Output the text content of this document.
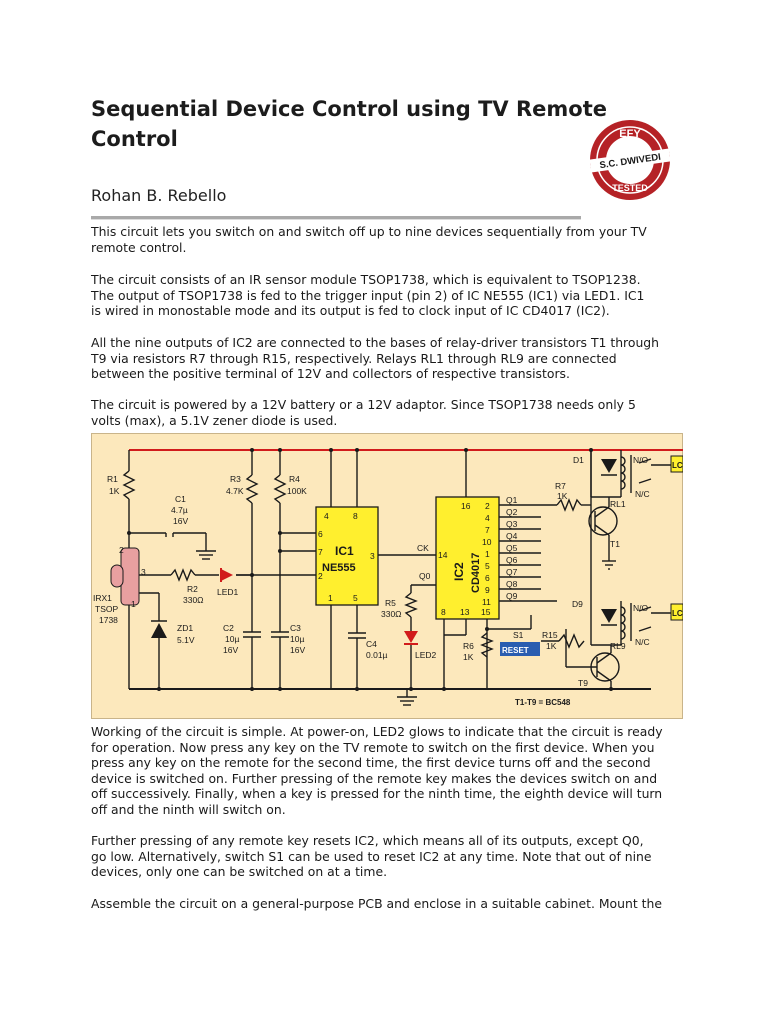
Sequential Device Control using TV Remote Control	EFY
S.C. DWIVEDI
TESTED
Rohan B. Rebello

This circuit lets you switch on and switch off up to nine devices sequentially from your TV
remote control.

The circuit consists of an IR sensor module TSOP1738, which is equivalent to TSOP1238.
The output of TSOP1738 is fed to the trigger input (pin 2) of IC NE555 (IC1) via LED1. IC1
is wired in monostable mode and its output is fed to clock input of IC CD4017 (IC2).

All the nine outputs of IC2 are connected to the bases of relay-driver transistors T1 through
T9 via resistors R7 through R15, respectively. Relays RL1 through RL9 are connected
between the positive terminal of 12V and collectors of respective transistors.

The circuit is powered by a 12V battery or a 12V adaptor. Since TSOP1738 needs only 5
volts (max), a 5.1V zener diode is used.

R1
1K
C1
4.7µ
16V
2
3
1
IRX1
TSOP
1738
R2
330Ω
LED1
ZD1
5.1V
R3
4.7K
R4
100K
C2
10µ
16V
C3
10µ
16V
4	8
6
7	3
2
1 5
C4
0.01µ
CK
Q0
R5
330Ω
LED2
16
14
8 13 15
2
4
7
10
1
5
6
9
11
Q1
Q2
Q3
Q4
Q5
Q6
Q7
Q8
Q9
R6
1K
S1
R7
1K
D1
T1
RL1
N/O
N/C
D9
R15
1K
T9
RL9
N/O
N/C
LC
LC
T1-T9 = BC548
RESET
IC1
NE555	IC2 CD4017

Working of the circuit is simple. At power-on, LED2 glows to indicate that the circuit is ready
for operation. Now press any key on the TV remote to switch on the first device. When you
press any key on the remote for the second time, the first device turns off and the second
device is switched on. Further pressing of the remote key makes the devices switch on and
off successively. Finally, when a key is pressed for the ninth time, the eighth device will turn
off and the ninth will switch on.

Further pressing of any remote key resets IC2, which means all of its outputs, except Q0,
go low. Alternatively, switch S1 can be used to reset IC2 at any time. Note that out of nine
devices, only one can be switched on at a time.

Assemble the circuit on a general-purpose PCB and enclose in a suitable cabinet. Mount the
